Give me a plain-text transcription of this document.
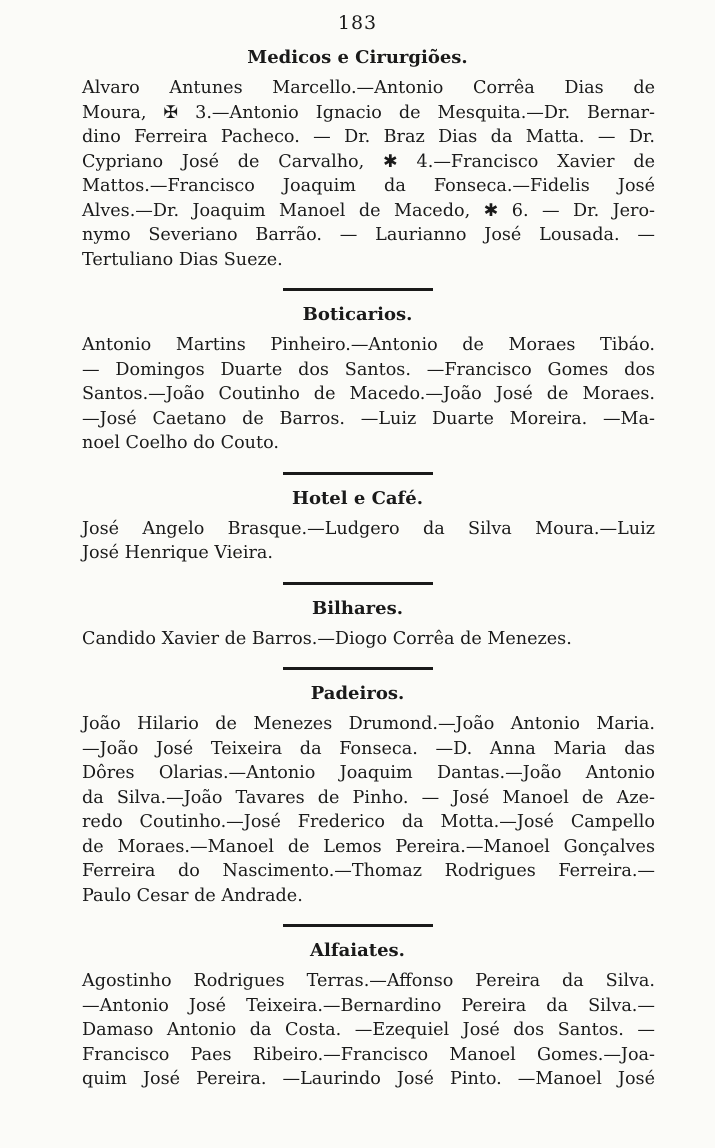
183
Medicos e Cirurgiões.

Alvaro Antunes Marcello.—Antonio Corrêa Dias de
Moura, ✠ 3.—Antonio Ignacio de Mesquita.—Dr. Bernar-
dino Ferreira Pacheco. — Dr. Braz Dias da Matta. — Dr.
Cypriano José de Carvalho, ✱ 4.—Francisco Xavier de
Mattos.—Francisco Joaquim da Fonseca.—Fidelis José
Alves.—Dr. Joaquim Manoel de Macedo, ✱ 6. — Dr. Jero-
nymo Severiano Barrão. — Laurianno José Lousada. —
Tertuliano Dias Sueze.

Boticarios.

Antonio Martins Pinheiro.—Antonio de Moraes Tibáo.
— Domingos Duarte dos Santos. —Francisco Gomes dos
Santos.—João Coutinho de Macedo.—João José de Moraes.
—José Caetano de Barros. —Luiz Duarte Moreira. —Ma-
noel Coelho do Couto.

Hotel e Café.

José Angelo Brasque.—Ludgero da Silva Moura.—Luiz
José Henrique Vieira.

Bilhares.

Candido Xavier de Barros.—Diogo Corrêa de Menezes.

Padeiros.

João Hilario de Menezes Drumond.—João Antonio Maria.
—João José Teixeira da Fonseca. —D. Anna Maria das
Dôres Olarias.—Antonio Joaquim Dantas.—João Antonio
da Silva.—João Tavares de Pinho. — José Manoel de Aze-
redo Coutinho.—José Frederico da Motta.—José Campello
de Moraes.—Manoel de Lemos Pereira.—Manoel Gonçalves
Ferreira do Nascimento.—Thomaz Rodrigues Ferreira.—
Paulo Cesar de Andrade.

Alfaiates.

Agostinho Rodrigues Terras.—Affonso Pereira da Silva.
—Antonio José Teixeira.—Bernardino Pereira da Silva.—
Damaso Antonio da Costa. —Ezequiel José dos Santos. —
Francisco Paes Ribeiro.—Francisco Manoel Gomes.—Joa-
quim José Pereira. —Laurindo José Pinto. —Manoel José
